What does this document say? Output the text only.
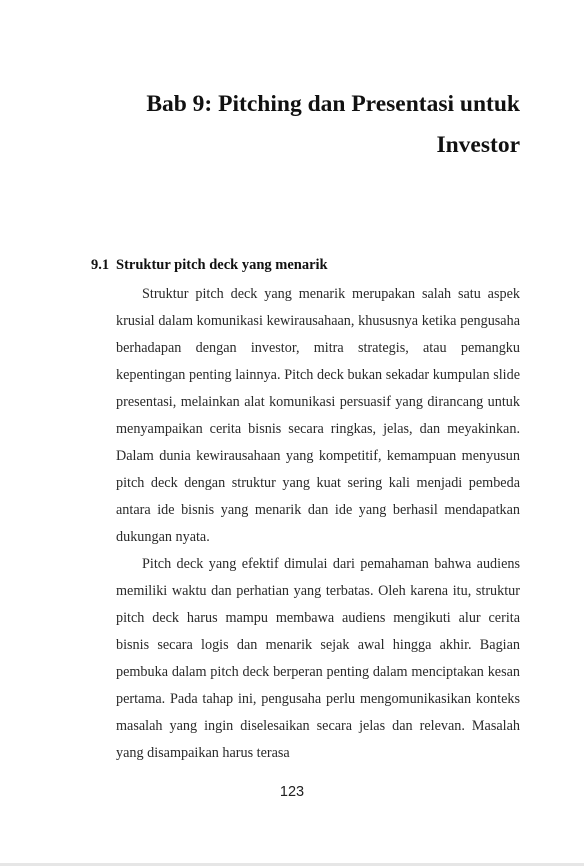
Bab 9: Pitching dan Presentasi untuk
Investor
9.1 Struktur pitch deck yang menarik

Struktur pitch deck yang menarik merupakan salah satu aspek krusial dalam komunikasi kewirausahaan, khususnya ketika pengusaha berhadapan dengan investor, mitra strategis, atau pemangku kepentingan penting lainnya. Pitch deck bukan sekadar kumpulan slide presentasi, melainkan alat komunikasi persuasif yang dirancang untuk menyampaikan cerita bisnis secara ringkas, jelas, dan meyakinkan. Dalam dunia kewirausahaan yang kompetitif, kemampuan menyusun pitch deck dengan struktur yang kuat sering kali menjadi pembeda antara ide bisnis yang menarik dan ide yang berhasil mendapatkan dukungan nyata.

Pitch deck yang efektif dimulai dari pemahaman bahwa audiens memiliki waktu dan perhatian yang terbatas. Oleh karena itu, struktur pitch deck harus mampu membawa audiens mengikuti alur cerita bisnis secara logis dan menarik sejak awal hingga akhir. Bagian pembuka dalam pitch deck berperan penting dalam menciptakan kesan pertama. Pada tahap ini, pengusaha perlu mengomunikasikan konteks masalah yang ingin diselesaikan secara jelas dan relevan. Masalah yang disampaikan harus terasa

123
